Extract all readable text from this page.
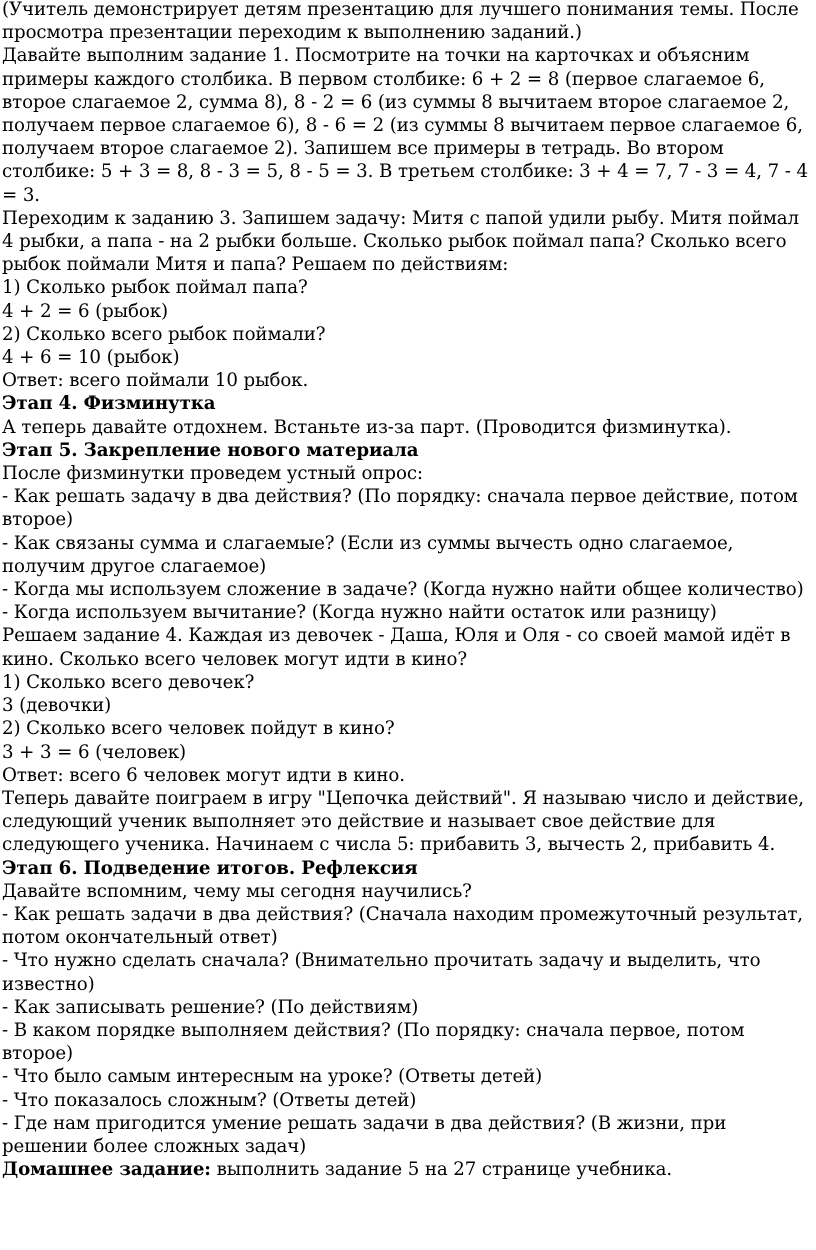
(Учитель демонстрирует детям презентацию для лучшего понимания темы. После просмотра презентации переходим к выполнению заданий.)

Давайте выполним задание 1. Посмотрите на точки на карточках и объясним примеры каждого столбика. В первом столбике: 6 + 2 = 8 (первое слагаемое 6, второе слагаемое 2, сумма 8), 8 - 2 = 6 (из суммы 8 вычитаем второе слагаемое 2, получаем первое слагаемое 6), 8 - 6 = 2 (из суммы 8 вычитаем первое слагаемое 6, получаем второе слагаемое 2). Запишем все примеры в тетрадь. Во втором столбике: 5 + 3 = 8, 8 - 3 = 5, 8 - 5 = 3. В третьем столбике: 3 + 4 = 7, 7 - 3 = 4, 7 - 4 = 3.

Переходим к заданию 3. Запишем задачу: Митя с папой удили рыбу. Митя поймал 4 рыбки, а папа - на 2 рыбки больше. Сколько рыбок поймал папа? Сколько всего рыбок поймали Митя и папа? Решаем по действиям:

1) Сколько рыбок поймал папа?

4 + 2 = 6 (рыбок)

2) Сколько всего рыбок поймали?

4 + 6 = 10 (рыбок)

Ответ: всего поймали 10 рыбок.

Этап 4. Физминутка

А теперь давайте отдохнем. Встаньте из-за парт. (Проводится физминутка).

Этап 5. Закрепление нового материала

После физминутки проведем устный опрос:

- Как решать задачу в два действия? (По порядку: сначала первое действие, потом второе)

- Как связаны сумма и слагаемые? (Если из суммы вычесть одно слагаемое, получим другое слагаемое)

- Когда мы используем сложение в задаче? (Когда нужно найти общее количество)

- Когда используем вычитание? (Когда нужно найти остаток или разницу)

Решаем задание 4. Каждая из девочек - Даша, Юля и Оля - со своей мамой идёт в кино. Сколько всего человек могут идти в кино?

1) Сколько всего девочек?

3 (девочки)

2) Сколько всего человек пойдут в кино?

3 + 3 = 6 (человек)

Ответ: всего 6 человек могут идти в кино.

Теперь давайте поиграем в игру "Цепочка действий". Я называю число и действие, следующий ученик выполняет это действие и называет свое действие для следующего ученика. Начинаем с числа 5: прибавить 3, вычесть 2, прибавить 4.

Этап 6. Подведение итогов. Рефлексия

Давайте вспомним, чему мы сегодня научились?

- Как решать задачи в два действия? (Сначала находим промежуточный результат, потом окончательный ответ)

- Что нужно сделать сначала? (Внимательно прочитать задачу и выделить, что известно)

- Как записывать решение? (По действиям)

- В каком порядке выполняем действия? (По порядку: сначала первое, потом второе)

- Что было самым интересным на уроке? (Ответы детей)

- Что показалось сложным? (Ответы детей)

- Где нам пригодится умение решать задачи в два действия? (В жизни, при решении более сложных задач)

Домашнее задание: выполнить задание 5 на 27 странице учебника.
